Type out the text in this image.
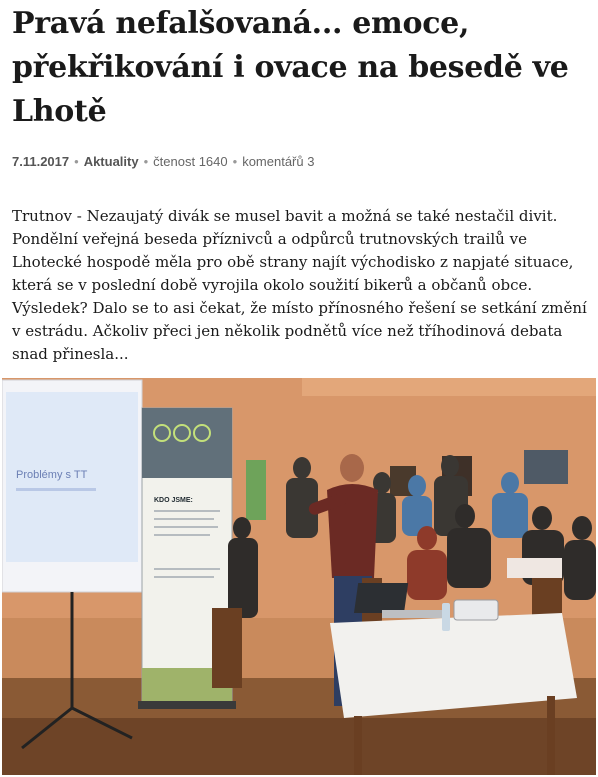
Pravá nefalšovaná... emoce, překřikování i ovace na besedě ve Lhotě
7.11.2017 • Aktuality • čtenost 1640 • komentářů 3

Trutnov - Nezaujatý divák se musel bavit a možná se také nestačil divit. Pondělní veřejná beseda příznivců a odpůrců trutnovských trailů ve Lhotecké hospodě měla pro obě strany najít východisko z napjaté situace, která se v poslední době vyrojila okolo soužití bikerů a občanů obce. Výsledek? Dalo se to asi čekat, že místo přínosného řešení se setkání změní v estrádu. Ačkoliv přeci jen několik podnětů více než tříhodinová debata snad přinesla...

Problémy s TT
KDO JSME:
